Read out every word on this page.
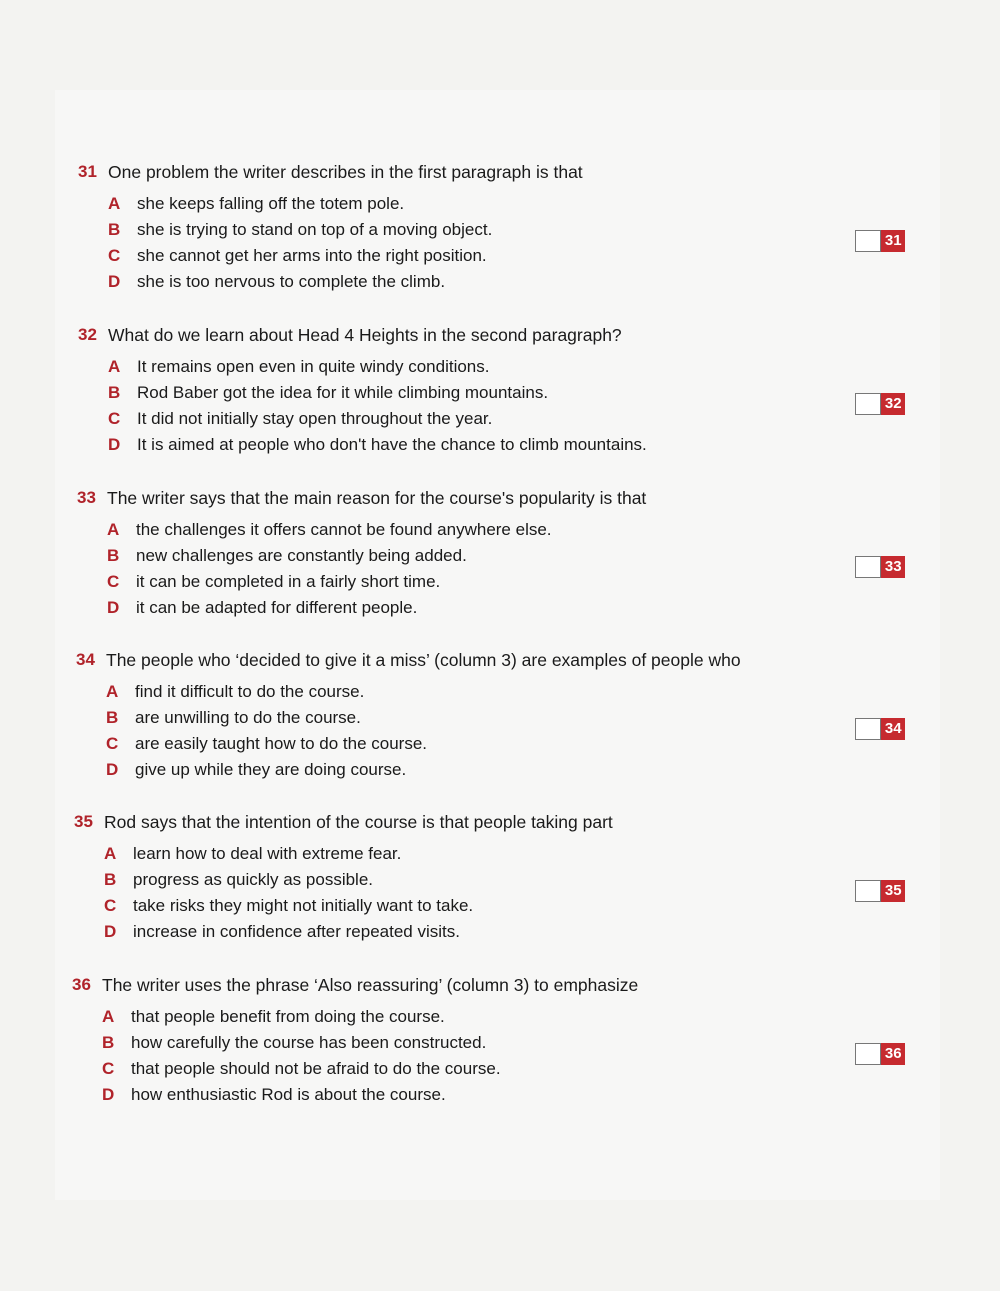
31 One problem the writer describes in the first paragraph is that
A she keeps falling off the totem pole.
B she is trying to stand on top of a moving object.
C she cannot get her arms into the right position.
D she is too nervous to complete the climb.
31
32 What do we learn about Head 4 Heights in the second paragraph?
A It remains open even in quite windy conditions.
B Rod Baber got the idea for it while climbing mountains.
C It did not initially stay open throughout the year.
D It is aimed at people who don't have the chance to climb mountains.
32
33 The writer says that the main reason for the course's popularity is that
A the challenges it offers cannot be found anywhere else.
B new challenges are constantly being added.
C it can be completed in a fairly short time.
D it can be adapted for different people.
33
34 The people who ‘decided to give it a miss’ (column 3) are examples of people who
A find it difficult to do the course.
B are unwilling to do the course.
C are easily taught how to do the course.
D give up while they are doing course.
34
35 Rod says that the intention of the course is that people taking part
A learn how to deal with extreme fear.
B progress as quickly as possible.
C take risks they might not initially want to take.
D increase in confidence after repeated visits.
35
36 The writer uses the phrase ‘Also reassuring’ (column 3) to emphasize
A that people benefit from doing the course.
B how carefully the course has been constructed.
C that people should not be afraid to do the course.
D how enthusiastic Rod is about the course.
36
